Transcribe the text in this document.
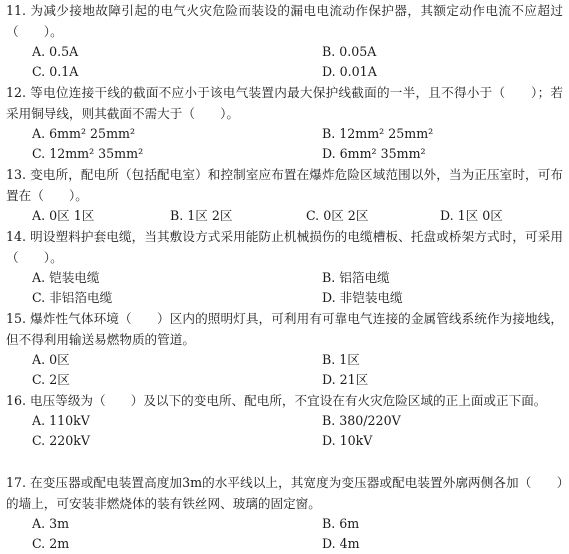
11. 为减少接地故障引起的电气火灾危险而装设的漏电电流动作保护器，其额定动作电流不应超过（　　）。
A. 0.5A	B. 0.05A
C. 0.1A	D. 0.01A
12. 等电位连接干线的截面不应小于该电气装置内最大保护线截面的一半，且不得小于（　　）；若采用铜导线，则其截面不需大于（　　）。
A. 6mm² 25mm²	B. 12mm² 25mm²
C. 12mm² 35mm²	D. 6mm² 35mm²
13. 变电所，配电所（包括配电室）和控制室应布置在爆炸危险区域范围以外，当为正压室时，可布置在（　　）。
A. 0区 1区	B. 1区 2区	C. 0区 2区	D. 1区 0区
14. 明设塑料护套电缆，当其敷设方式采用能防止机械损伤的电缆槽板、托盘或桥架方式时，可采用（　　）。
A. 铠装电缆	B. 铝箔电缆
C. 非铝箔电缆	D. 非铠装电缆
15. 爆炸性气体环境（　　）区内的照明灯具，可利用有可靠电气连接的金属管线系统作为接地线，但不得利用输送易燃物质的管道。
A. 0区	B. 1区
C. 2区	D. 21区
16. 电压等级为（　　）及以下的变电所、配电所，不宜设在有火灾危险区域的正上面或正下面。
A. 110kV	B. 380/220V
C. 220kV	D. 10kV
17. 在变压器或配电装置高度加3m的水平线以上，其宽度为变压器或配电装置外廓两侧各加（　　）的墙上，可安装非燃烧体的装有铁丝网、玻璃的固定窗。
A. 3m	B. 6m
C. 2m	D. 4m
